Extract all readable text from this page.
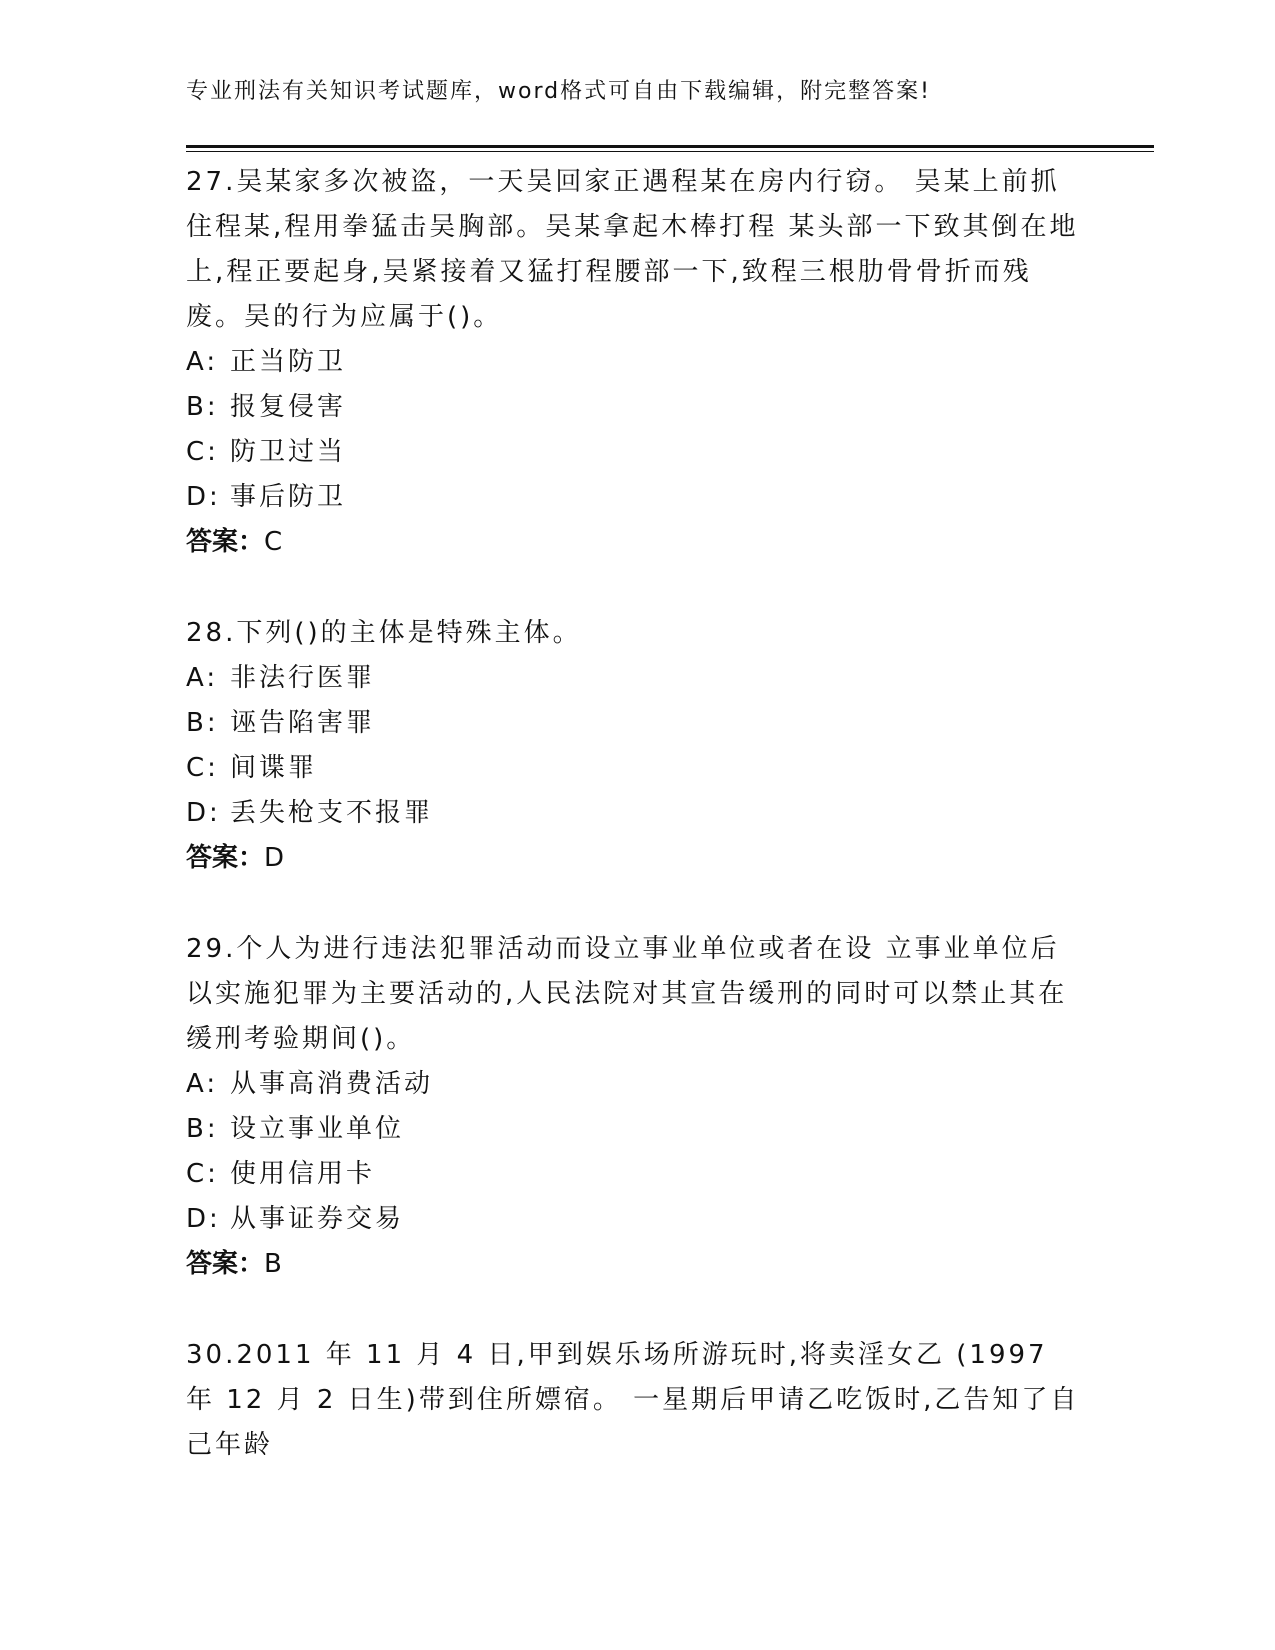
专业刑法有关知识考试题库，word格式可自由下载编辑，附完整答案!

27.吴某家多次被盗，一天吴回家正遇程某在房内行窃。 吴某上前抓住程某,程用拳猛击吴胸部。吴某拿起木棒打程 某头部一下致其倒在地上,程正要起身,吴紧接着又猛打程腰部一下,致程三根肋骨骨折而残废。吴的行为应属于()。

A: 正当防卫

B: 报复侵害

C: 防卫过当

D: 事后防卫

答案：C

28.下列()的主体是特殊主体。

A: 非法行医罪

B: 诬告陷害罪

C: 间谍罪

D: 丢失枪支不报罪

答案：D

29.个人为进行违法犯罪活动而设立事业单位或者在设 立事业单位后以实施犯罪为主要活动的,人民法院对其宣告缓刑的同时可以禁止其在缓刑考验期间()。

A: 从事高消费活动

B: 设立事业单位

C: 使用信用卡

D: 从事证券交易

答案：B

30.2011 年 11 月 4 日,甲到娱乐场所游玩时,将卖淫女乙 (1997 年 12 月 2 日生)带到住所嫖宿。 一星期后甲请乙吃饭时,乙告知了自己年龄
